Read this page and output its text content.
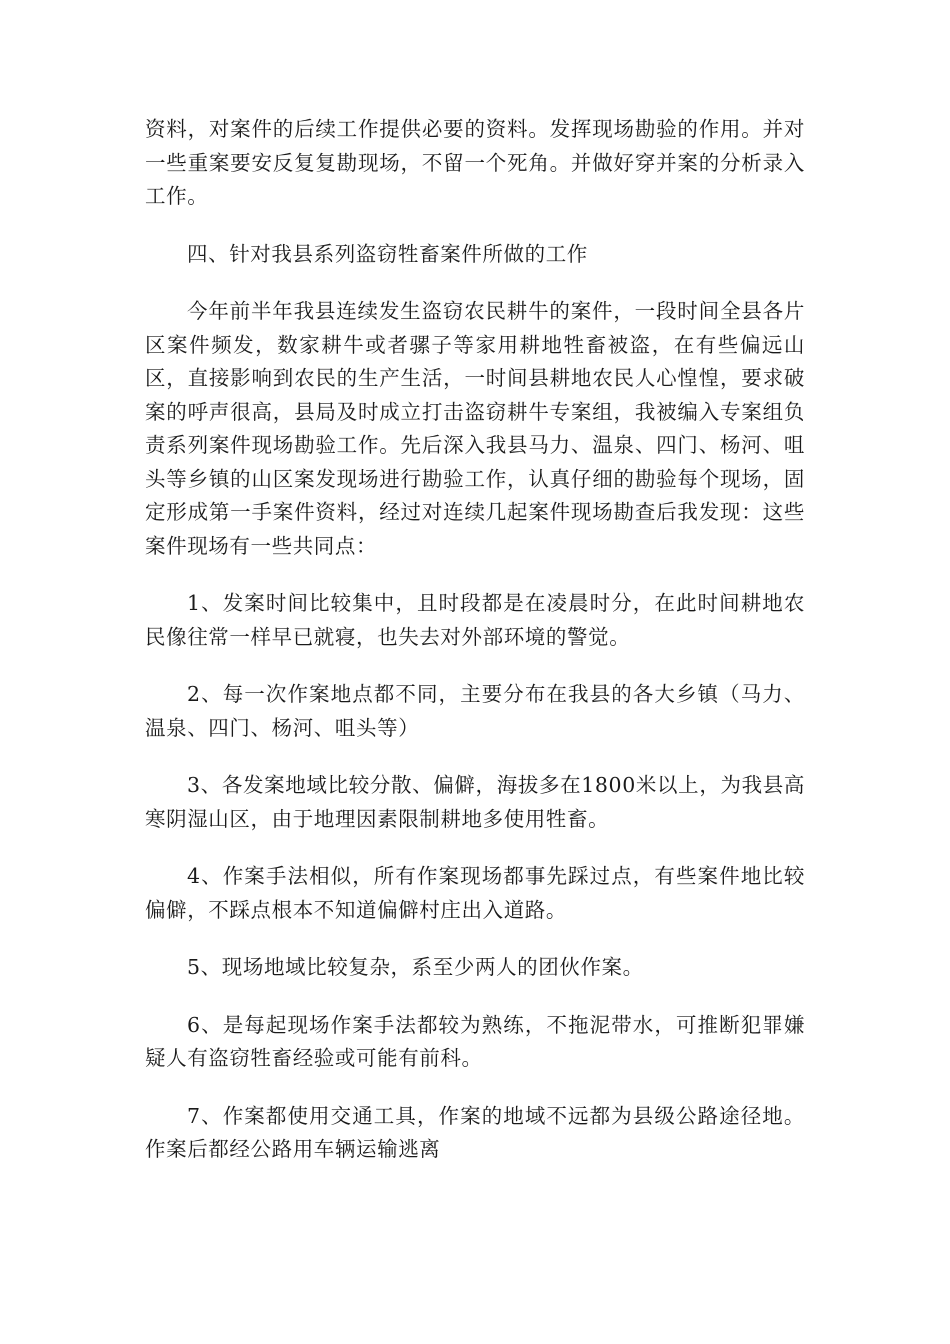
资料，对案件的后续工作提供必要的资料。发挥现场勘验的作用。并对一些重案要安反复复勘现场，不留一个死角。并做好穿并案的分析录入工作。

四、针对我县系列盗窃牲畜案件所做的工作

今年前半年我县连续发生盗窃农民耕牛的案件，一段时间全县各片区案件频发，数家耕牛或者骡子等家用耕地牲畜被盗，在有些偏远山区，直接影响到农民的生产生活，一时间县耕地农民人心惶惶，要求破案的呼声很高，县局及时成立打击盗窃耕牛专案组，我被编入专案组负责系列案件现场勘验工作。先后深入我县马力、温泉、四门、杨河、咀头等乡镇的山区案发现场进行勘验工作，认真仔细的勘验每个现场，固定形成第一手案件资料，经过对连续几起案件现场勘查后我发现：这些案件现场有一些共同点：

1、发案时间比较集中，且时段都是在凌晨时分，在此时间耕地农民像往常一样早已就寝，也失去对外部环境的警觉。

2、每一次作案地点都不同，主要分布在我县的各大乡镇（马力、温泉、四门、杨河、咀头等）

3、各发案地域比较分散、偏僻，海拔多在1800米以上，为我县高寒阴湿山区，由于地理因素限制耕地多使用牲畜。

4、作案手法相似，所有作案现场都事先踩过点，有些案件地比较偏僻，不踩点根本不知道偏僻村庄出入道路。

5、现场地域比较复杂，系至少两人的团伙作案。

6、是每起现场作案手法都较为熟练，不拖泥带水，可推断犯罪嫌疑人有盗窃牲畜经验或可能有前科。

7、作案都使用交通工具，作案的地域不远都为县级公路途径地。作案后都经公路用车辆运输逃离
